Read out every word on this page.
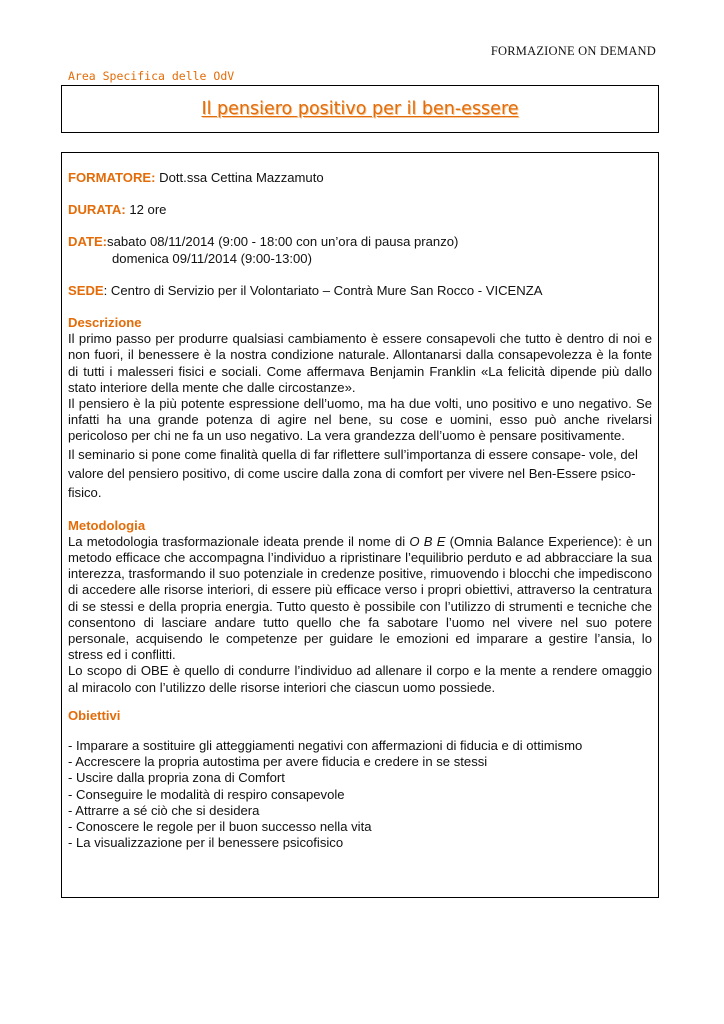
FORMAZIONE ON DEMAND
Area Specifica delle OdV
Il pensiero positivo per il ben-essere

FORMATORE: Dott.ssa Cettina Mazzamuto

DURATA: 12 ore

DATE:sabato 08/11/2014 (9:00 - 18:00 con un’ora di pausa pranzo)
domenica 09/11/2014 (9:00-13:00)

SEDE: Centro di Servizio per il Volontariato – Contrà Mure San Rocco - VICENZA

Descrizione

Il primo passo per produrre qualsiasi cambiamento è essere consapevoli che tutto è dentro di noi e non fuori, il benessere è la nostra condizione naturale. Allontanarsi dalla consapevolezza è la fonte di tutti i malesseri fisici e sociali. Come affermava Benjamin Franklin «La felicità dipende più dallo stato interiore della mente che dalle circostanze».

Il pensiero è la più potente espressione dell’uomo, ma ha due volti, uno positivo e uno negativo. Se infatti ha una grande potenza di agire nel bene, su cose e uomini, esso può anche rivelarsi pericoloso per chi ne fa un uso negativo. La vera grandezza dell’uomo è pensare positivamente.

Il seminario si pone come finalità quella di far riflettere sull’importanza di essere consape- vole, del valore del pensiero positivo, di come uscire dalla zona di comfort per vivere nel Ben-Essere psico-fisico.

Metodologia

La metodologia trasformazionale ideata prende il nome di O B E (Omnia Balance Experience): è un metodo efficace che accompagna l’individuo a ripristinare l’equilibrio perduto e ad abbracciare la sua interezza, trasformando il suo potenziale in credenze positive, rimuovendo i blocchi che impediscono di accedere alle risorse interiori, di essere più efficace verso i propri obiettivi, attraverso la centratura di se stessi e della propria energia. Tutto questo è possibile con l’utilizzo di strumenti e tecniche che consentono di lasciare andare tutto quello che fa sabotare l’uomo nel vivere nel suo potere personale, acquisendo le competenze per guidare le emozioni ed imparare a gestire l’ansia, lo stress ed i conflitti.

Lo scopo di OBE è quello di condurre l’individuo ad allenare il corpo e la mente a rendere omaggio al miracolo con l’utilizzo delle risorse interiori che ciascun uomo possiede.

Obiettivi

- Imparare a sostituire gli atteggiamenti negativi con affermazioni di fiducia e di ottimismo
- Accrescere la propria autostima per avere fiducia e credere in se stessi
- Uscire dalla propria zona di Comfort
- Conseguire le modalità di respiro consapevole
- Attrarre a sé ciò che si desidera
- Conoscere le regole per il buon successo nella vita
- La visualizzazione per il benessere psicofisico
